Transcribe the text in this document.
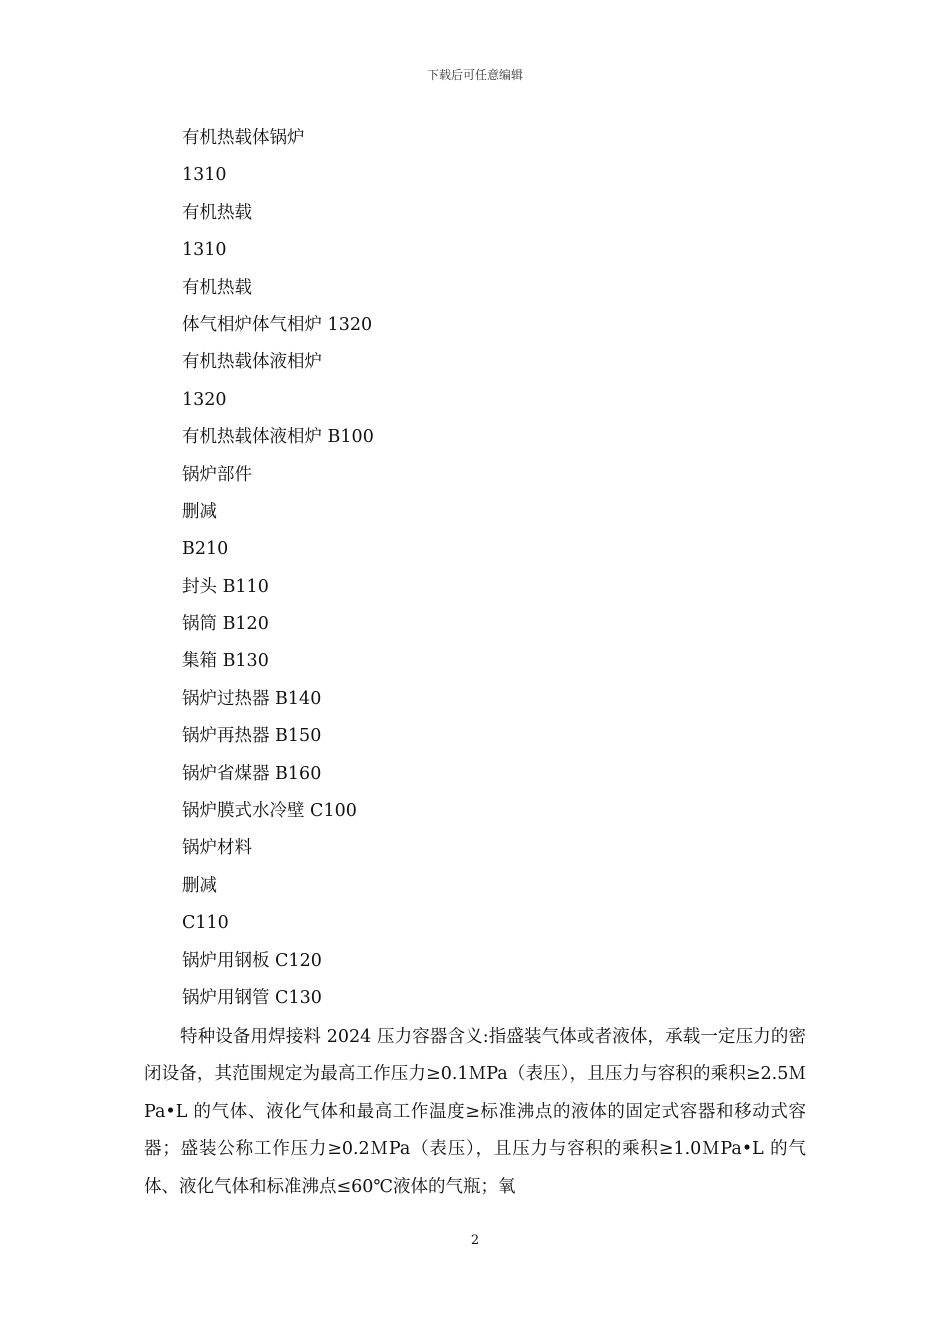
下载后可任意编辑
有机热载体锅炉
1310
有机热载
1310
有机热载
体气相炉体气相炉 1320
有机热载体液相炉
1320
有机热载体液相炉 B100
锅炉部件
删减
B210
封头 B110
锅筒 B120
集箱 B130
锅炉过热器 B140
锅炉再热器 B150
锅炉省煤器 B160
锅炉膜式水冷壁 C100
锅炉材料
删减
C110
锅炉用钢板 C120
锅炉用钢管 C130

特种设备用焊接料 2024 压力容器含义:指盛装气体或者液体，承载一定压力的密闭设备，其范围规定为最高工作压力≥0.1ＭPa（表压），且压力与容积的乘积≥2.5ＭPa•L 的气体、液化气体和最高工作温度≥标准沸点的液体的固定式容器和移动式容器；盛装公称工作压力≥0.2ＭPa（表压），且压力与容积的乘积≥1.0ＭPa•L 的气体、液化气体和标准沸点≤60℃液体的气瓶；氧

2
